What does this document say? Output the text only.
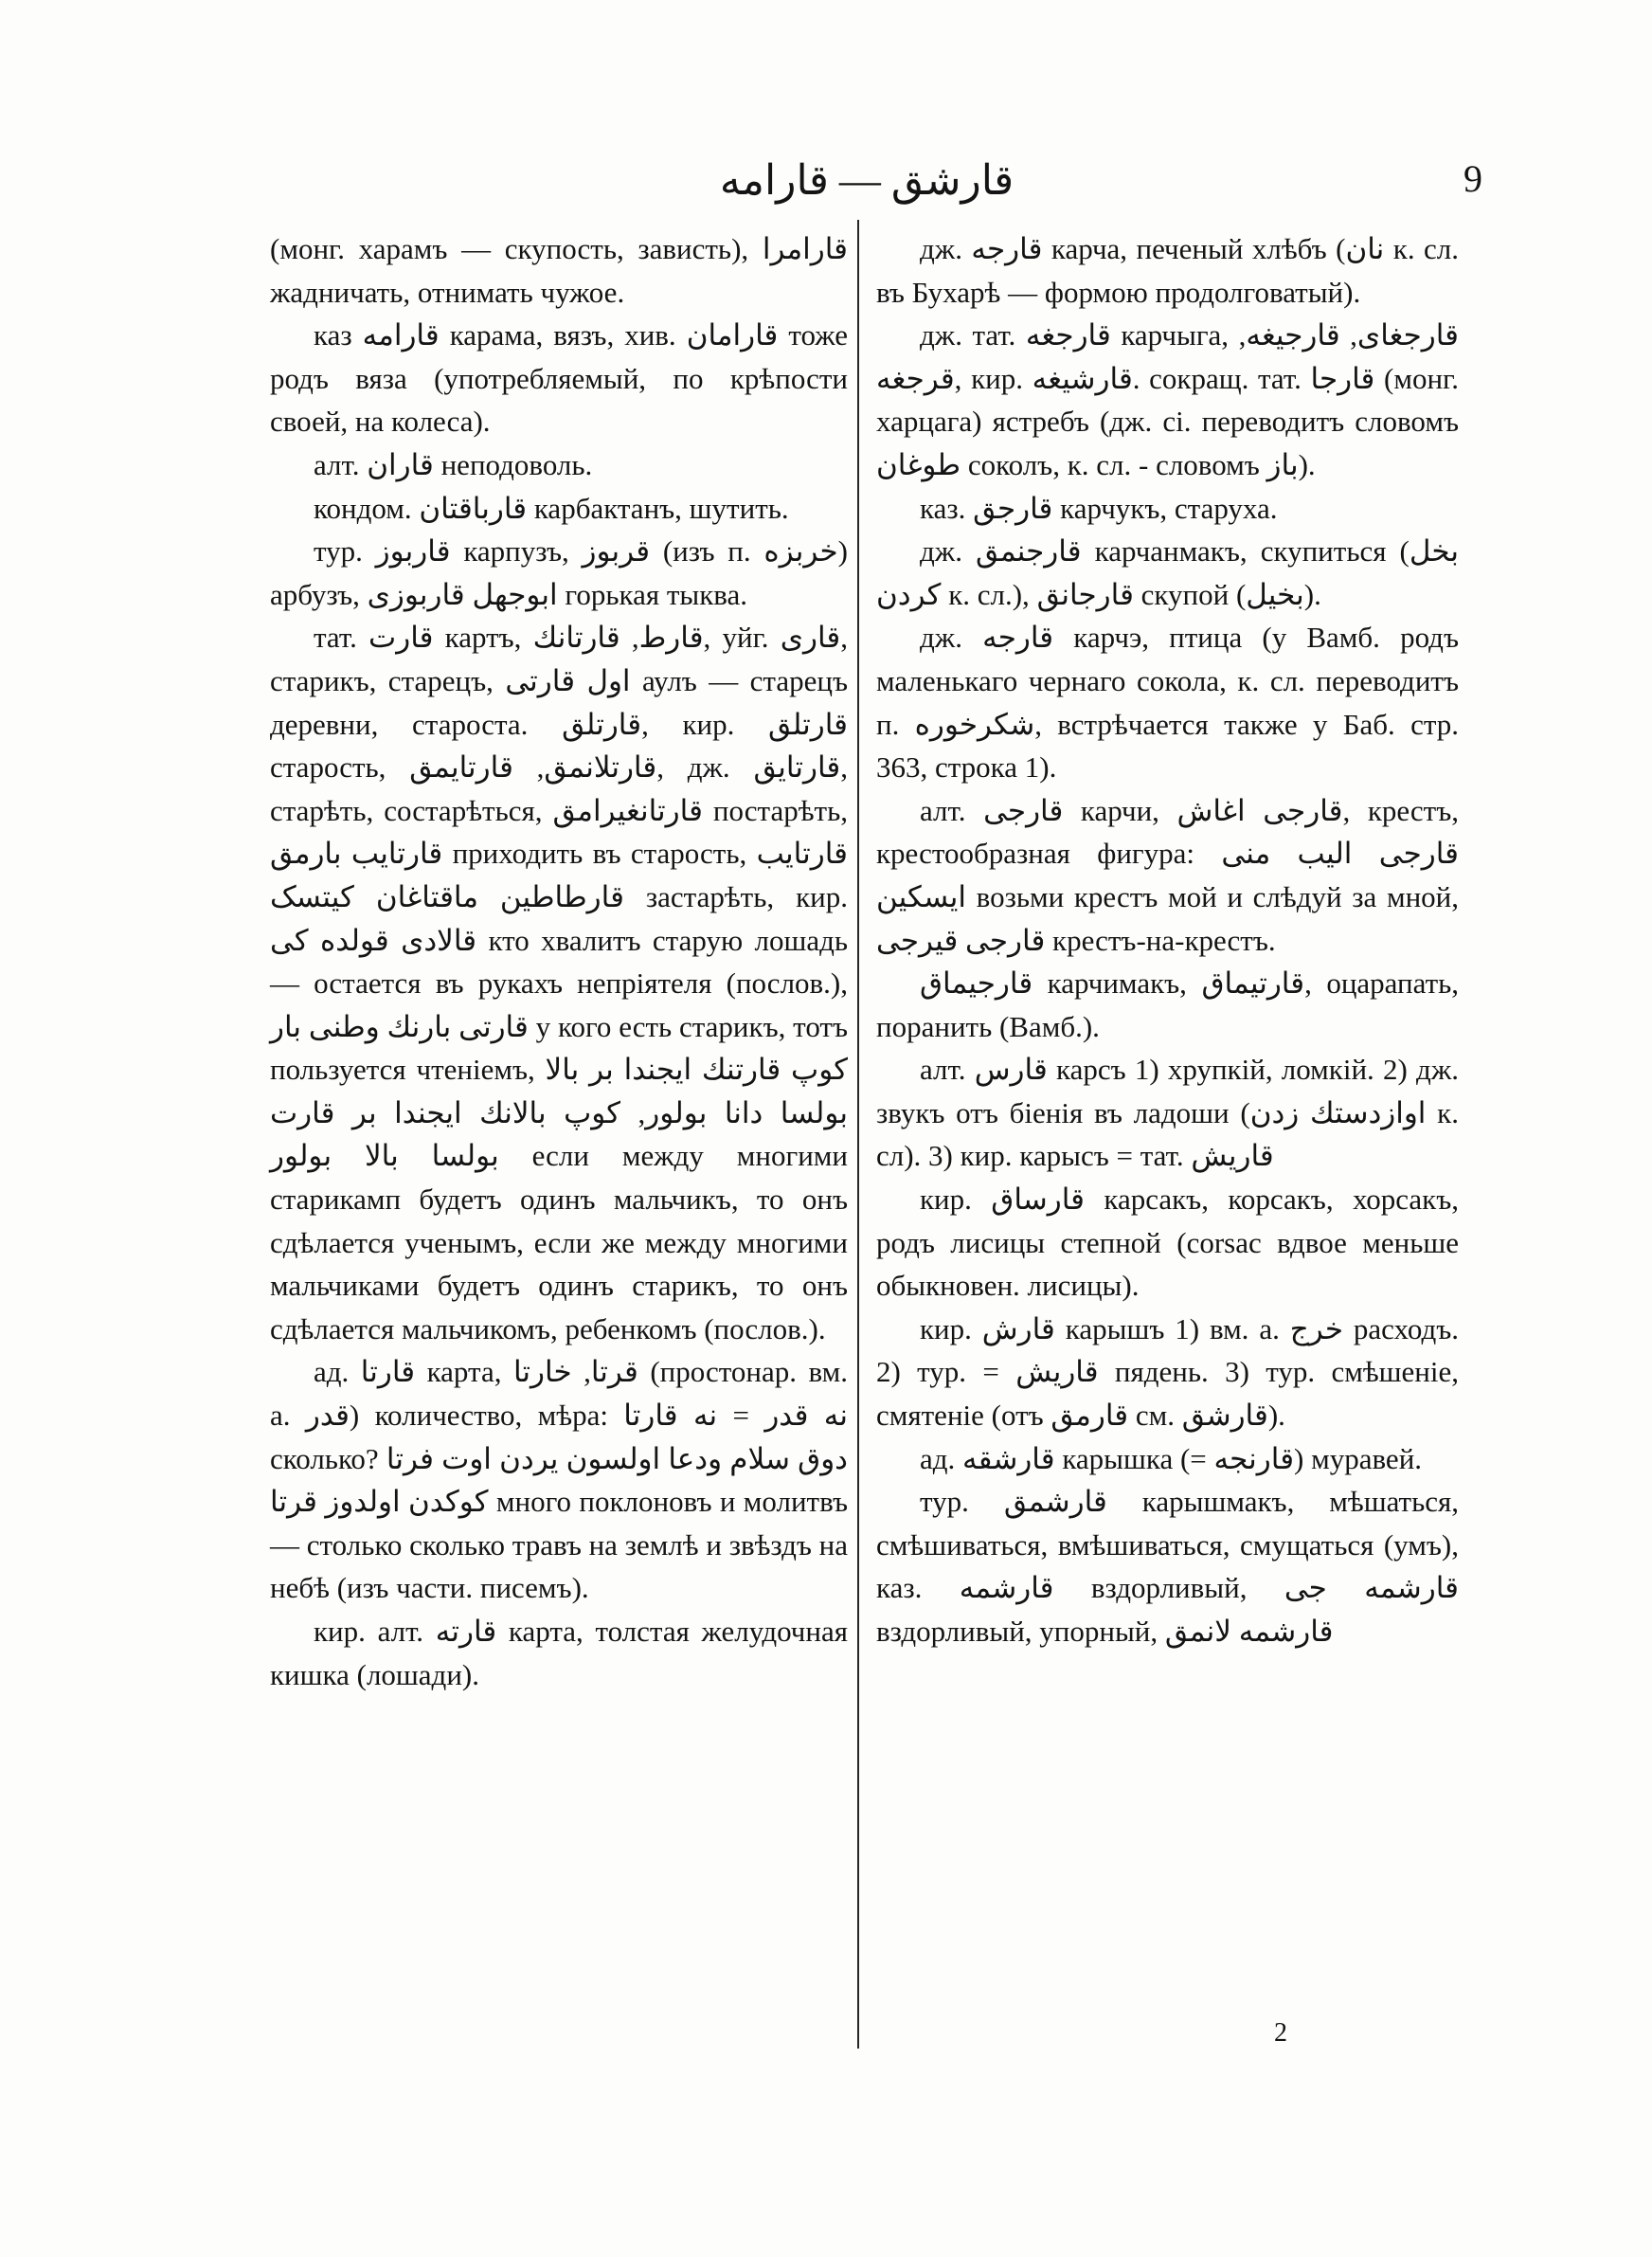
قارشق — قارامه	9

(монг. харамъ — скупость, зависть), قارامرا жадничать, отнимать чужое.

каз قارامه карама, вязъ, хив. قارامان тоже родъ вяза (употребляемый, по крѣпости своей, на колеса).

алт. قاران неподоволь.

кондом. قارباقتان карбактанъ, шутить.

тур. قاربوز карпузъ, قربوز (изъ п. خربزه) арбузъ, ابوجهل قاربوزی горькая тыква.

тат. قارت картъ, قارط, قارتانك, уйг. قاری, старикъ, старецъ, اول قارتی аулъ — старецъ деревни, староста. قارتلق, кир. قارتلق старость, قارتلانمق, قارتایمق, дж. قارتایق, старѣть, состарѣться, قارتانغیرامق постарѣть, قارتایب بارمق приходить въ старость, قارتایب قارطاطین ماقتاغان کیتسک застарѣть, кир. قالادی قولده کی кто хвалитъ старую лошадь — остается въ рукахъ непріятеля (послов.), قارتی بارنك وطنی بار у кого есть старикъ, тотъ пользуется чтеніемъ, کوپ قارتنك ایجندا بر بالا بولسا دانا بولور, کوپ بالانك ایجندا بر قارت بولسا بالا بولور если между многими старикамп будетъ одинъ мальчикъ, то онъ сдѣлается ученымъ, если же между многими мальчиками будетъ одинъ старикъ, то онъ сдѣлается мальчикомъ, ребенкомъ (послов.).

ад. قارتا карта, قرتا, خارتا (простонар. вм. а. قدر) количество, мѣра: نه قدر = نه قارتا сколько? دوق سلام ودعا اولسون یردن اوت فرتا کوکدن اولدوز قرتا много поклоновъ и молитвъ — столько сколько травъ на землѣ и звѣздъ на небѣ (изъ части. писемъ).

кир. алт. قارته карта, толстая желудочная кишка (лошади).

дж. قارجه карча, печеный хлѣбъ (نان к. сл. въ Бухарѣ — формою продолговатый).

дж. тат. قارجغه карчыга, قارجغای, قارجیغه, قرجغه, кир. قارشیغه. сокращ. тат. قارجا (монг. харцага) ястребъ (дж. сі. переводитъ словомъ طوغان соколъ, к. сл. - словомъ باز).

каз. قارجق карчукъ, старуха.

дж. قارجنمق карчанмакъ, скупиться (بخل کردن к. сл.), قارجانق скупой (بخیل).

дж. قارجه карчэ, птица (у Вамб. родъ маленькаго чернаго сокола, к. сл. переводитъ п. شکرخوره, встрѣчается также у Баб. стр. 363, строка 1).

алт. قارجی карчи, قارجی اغاش, крестъ, крестообразная фигура: قارجی الیب منی ایسکین возьми крестъ мой и слѣдуй за мной, قارجی قیرجی крестъ-на-крестъ.

قارجیماق карчимакъ, قارتیماق, оцарапать, поранить (Вамб.).

алт. قارس карсъ 1) хрупкій, ломкій. 2) дж. звукъ отъ біенія въ ладоши (اوازدستك زدن к. сл). 3) кир. карысъ = тат. قاریش

кир. قارساق карсакъ, корсакъ, хорсакъ, родъ лисицы степной (corsac вдвое меньше обыкновен. лисицы).

кир. قارش карышъ 1) вм. а. خرج расходъ. 2) тур. = قاریش пядень. 3) тур. смѣшеніе, смятеніе (отъ قارمق см. قارشق).

ад. قارشقه карышка (= قارنجه) муравей.

тур. قارشمق карышмакъ, мѣшаться, смѣшиваться, вмѣшиваться, смущаться (умъ), каз. قارشمه вздорливый, قارشمه جی вздорливый, упорный, قارشمه لانمق

2
